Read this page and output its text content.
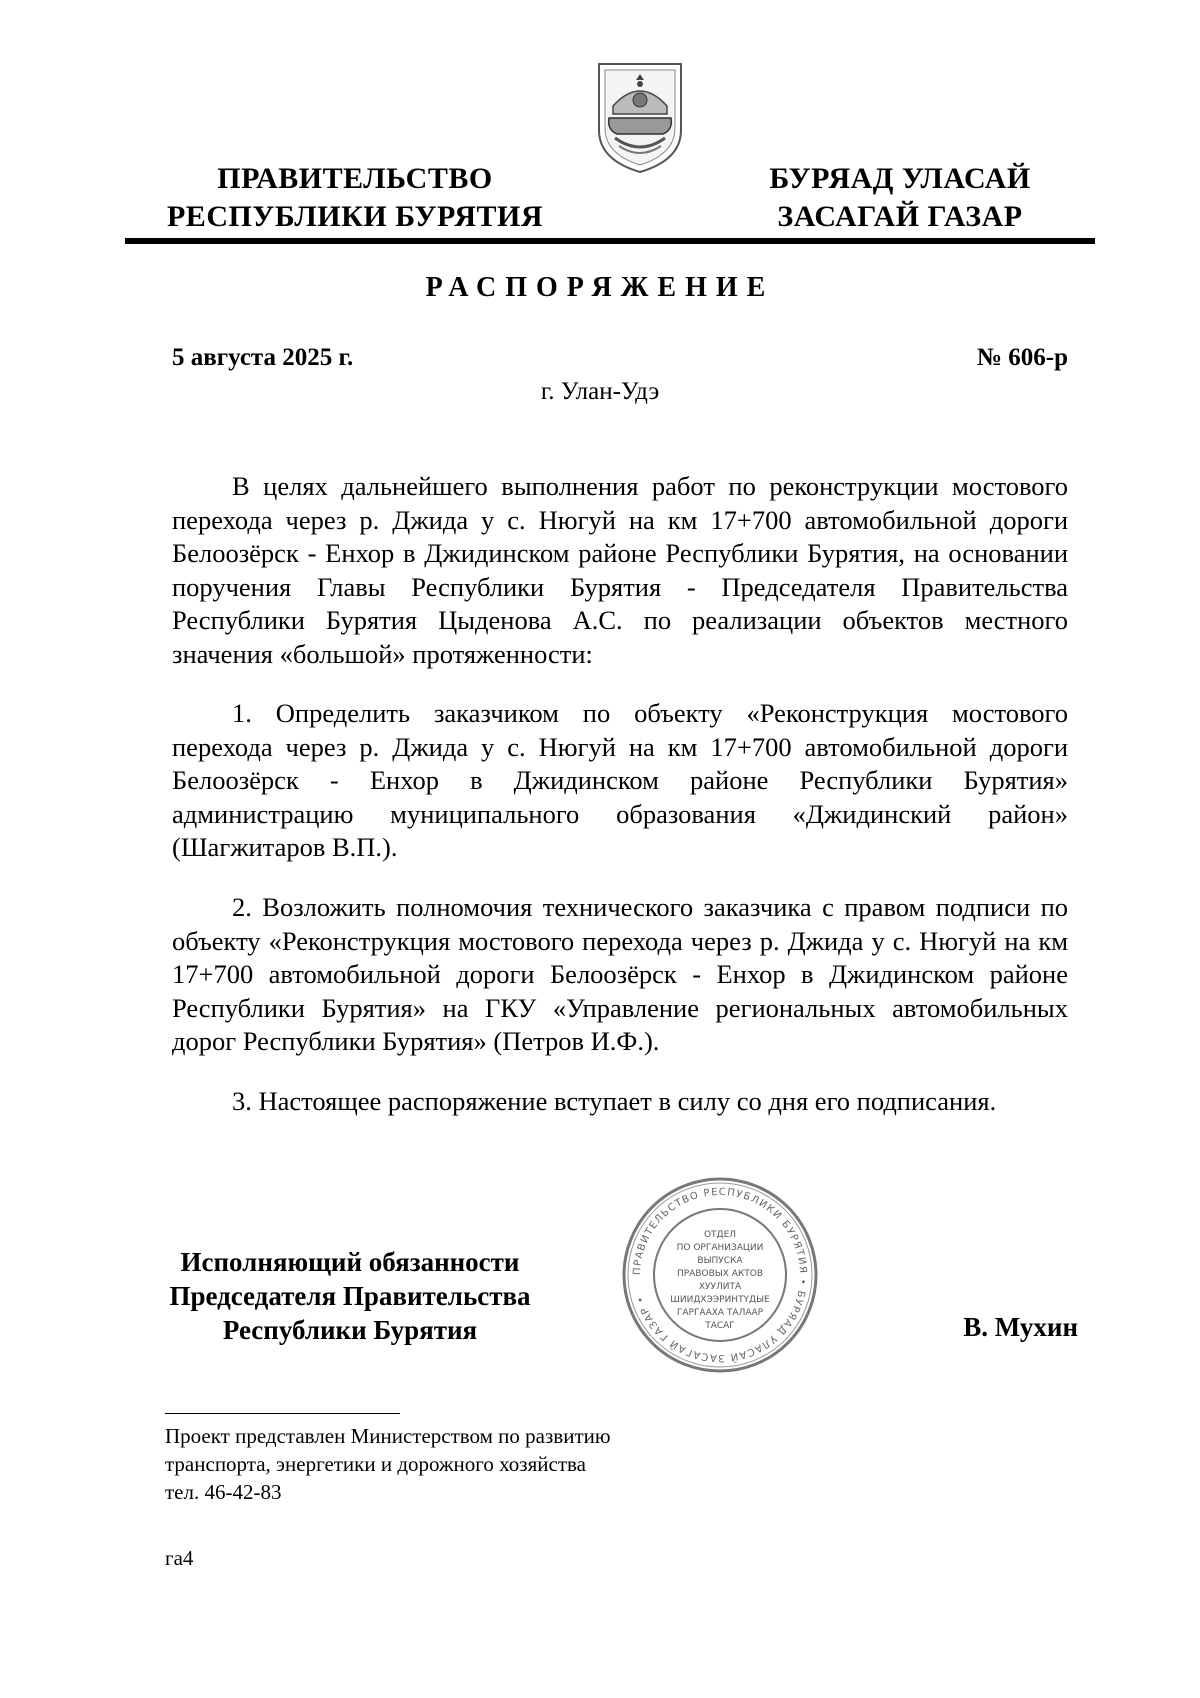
ПРАВИТЕЛЬСТВО
РЕСПУБЛИКИ БУРЯТИЯ
БУРЯАД УЛАСАЙ
ЗАСАГАЙ ГАЗАР
РАСПОРЯЖЕНИЕ
5 августа 2025 г.	№ 606-р
г. Улан-Удэ
В целях дальнейшего выполнения работ по реконструкции мостового перехода через р. Джида у с. Нюгуй на км 17+700 автомобильной дороги Белоозёрск - Енхор в Джидинском районе Республики Бурятия, на основании поручения Главы Республики Бурятия - Председателя Правительства Республики Бурятия Цыденова А.С. по реализации объектов местного значения «большой» протяженности:
1. Определить заказчиком по объекту «Реконструкция мостового перехода через р. Джида у с. Нюгуй на км 17+700 автомобильной дороги Белоозёрск - Енхор в Джидинском районе Республики Бурятия» администрацию муниципального образования «Джидинский район» (Шагжитаров В.П.).
2. Возложить полномочия технического заказчика с правом подписи по объекту «Реконструкция мостового перехода через р. Джида у с. Нюгуй на км 17+700 автомобильной дороги Белоозёрск - Енхор в Джидинском районе Республики Бурятия» на ГКУ «Управление региональных автомобильных дорог Республики Бурятия» (Петров И.Ф.).
3. Настоящее распоряжение вступает в силу со дня его подписания.
Исполняющий обязанности
Председателя Правительства
Республики Бурятия
ПРАВИТЕЛЬСТВО РЕСПУБЛИКИ БУРЯТИЯ • БУРЯАД УЛАСАЙ ЗАСАГАЙ ГАЗАР •
ОТДЕЛ
ПО ОРГАНИЗАЦИИ
ВЫПУСКА
ПРАВОВЫХ АКТОВ
ХУУЛИТА
ШИИДХЭЭРИНТҮДЫЕ
ГАРГААХА ТАЛААР
ТАСАГ	В. Мухин
Проект представлен Министерством по развитию
транспорта, энергетики и дорожного хозяйства
тел. 46-42-83
га4
